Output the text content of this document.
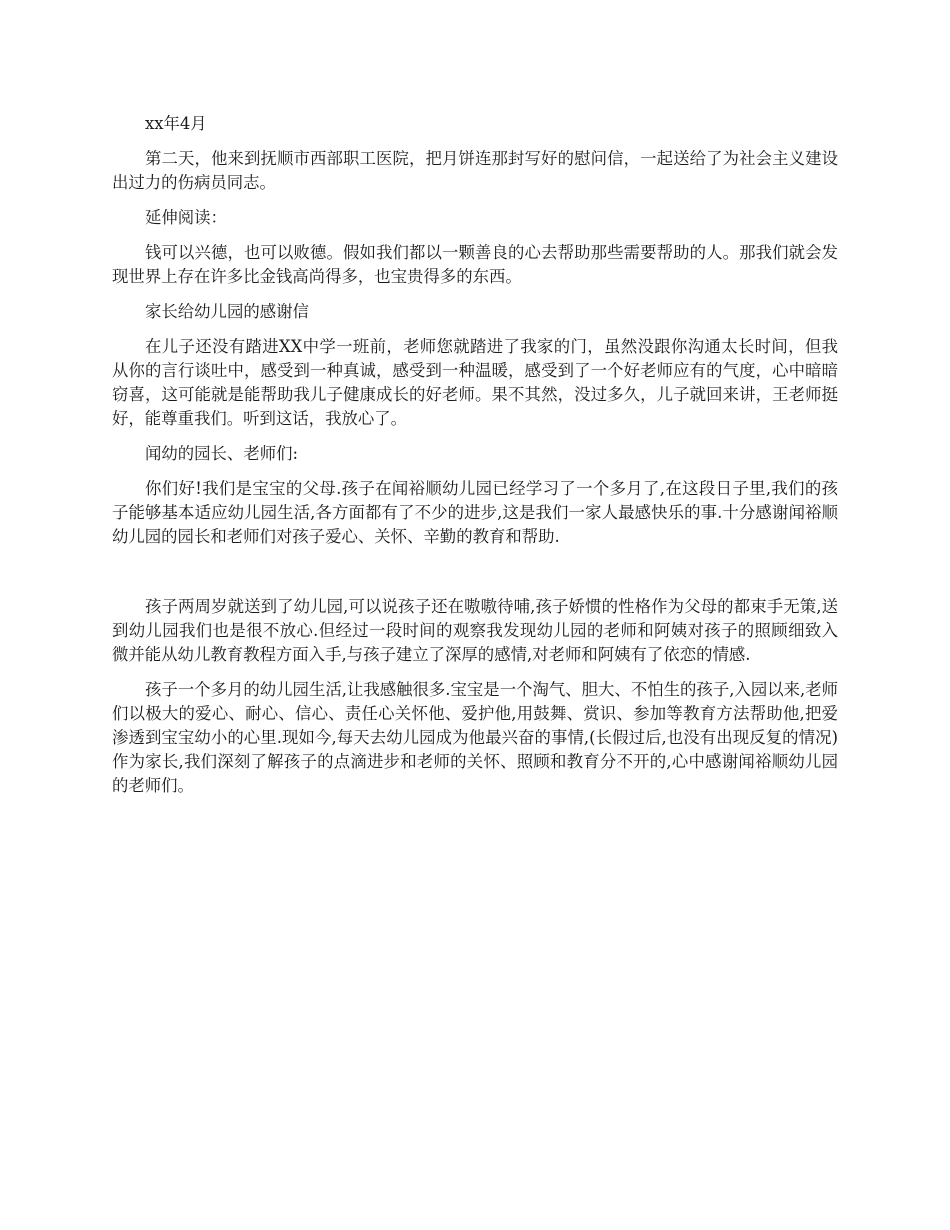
xx年4月

第二天，他来到抚顺市西部职工医院，把月饼连那封写好的慰问信，一起送给了为社会主义建设出过力的伤病员同志。

延伸阅读：

钱可以兴德，也可以败德。假如我们都以一颗善良的心去帮助那些需要帮助的人。那我们就会发现世界上存在许多比金钱高尚得多，也宝贵得多的东西。

家长给幼儿园的感谢信

在儿子还没有踏进XX中学一班前，老师您就踏进了我家的门，虽然没跟你沟通太长时间，但我从你的言行谈吐中，感受到一种真诚，感受到一种温暖，感受到了一个好老师应有的气度，心中暗暗窃喜，这可能就是能帮助我儿子健康成长的好老师。果不其然，没过多久，儿子就回来讲，王老师挺好，能尊重我们。听到这话，我放心了。

闻幼的园长、老师们:

你们好!我们是宝宝的父母.孩子在闻裕顺幼儿园已经学习了一个多月了,在这段日子里,我们的孩子能够基本适应幼儿园生活,各方面都有了不少的进步,这是我们一家人最感快乐的事.十分感谢闻裕顺幼儿园的园长和老师们对孩子爱心、关怀、辛勤的教育和帮助.

孩子两周岁就送到了幼儿园,可以说孩子还在嗷嗷待哺,孩子娇惯的性格作为父母的都束手无策,送到幼儿园我们也是很不放心.但经过一段时间的观察我发现幼儿园的老师和阿姨对孩子的照顾细致入微并能从幼儿教育教程方面入手,与孩子建立了深厚的感情,对老师和阿姨有了依恋的情感.

孩子一个多月的幼儿园生活,让我感触很多.宝宝是一个淘气、胆大、不怕生的孩子,入园以来,老师们以极大的爱心、耐心、信心、责任心关怀他、爱护他,用鼓舞、赏识、参加等教育方法帮助他,把爱渗透到宝宝幼小的心里.现如今,每天去幼儿园成为他最兴奋的事情,(长假过后,也没有出现反复的情况)作为家长,我们深刻了解孩子的点滴进步和老师的关怀、照顾和教育分不开的,心中感谢闻裕顺幼儿园的老师们。
